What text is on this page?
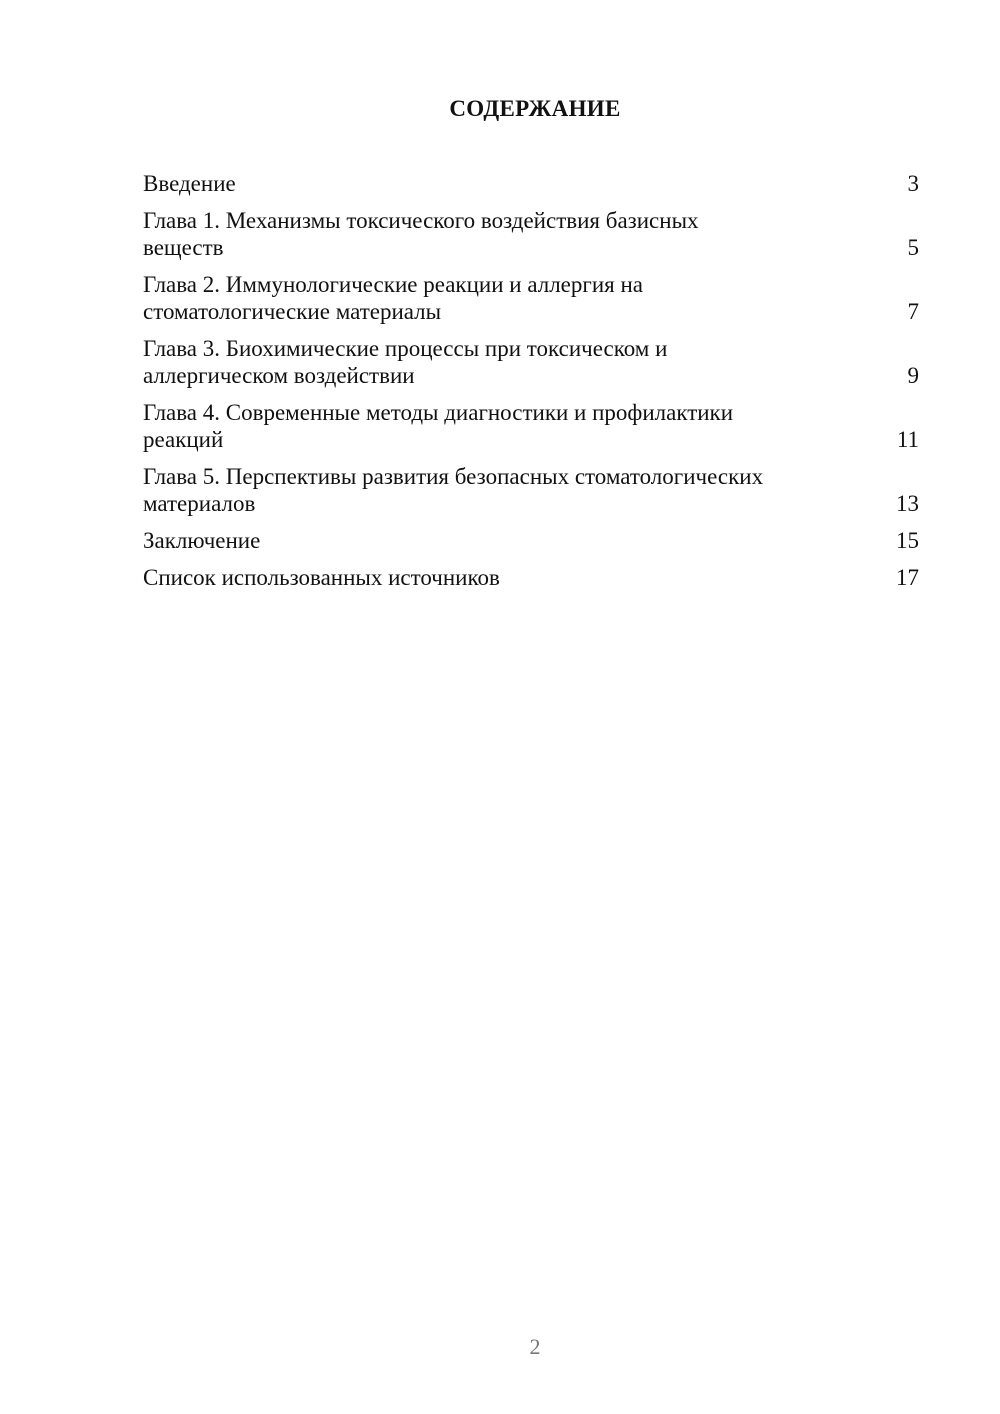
СОДЕРЖАНИЕ
Введение	3
Глава 1. Механизмы токсического воздействия базисных
веществ	5
Глава 2. Иммунологические реакции и аллергия на
стоматологические материалы	7
Глава 3. Биохимические процессы при токсическом и
аллергическом воздействии	9
Глава 4. Современные методы диагностики и профилактики
реакций	11
Глава 5. Перспективы развития безопасных стоматологических
материалов	13
Заключение	15
Список использованных источников	17
2
